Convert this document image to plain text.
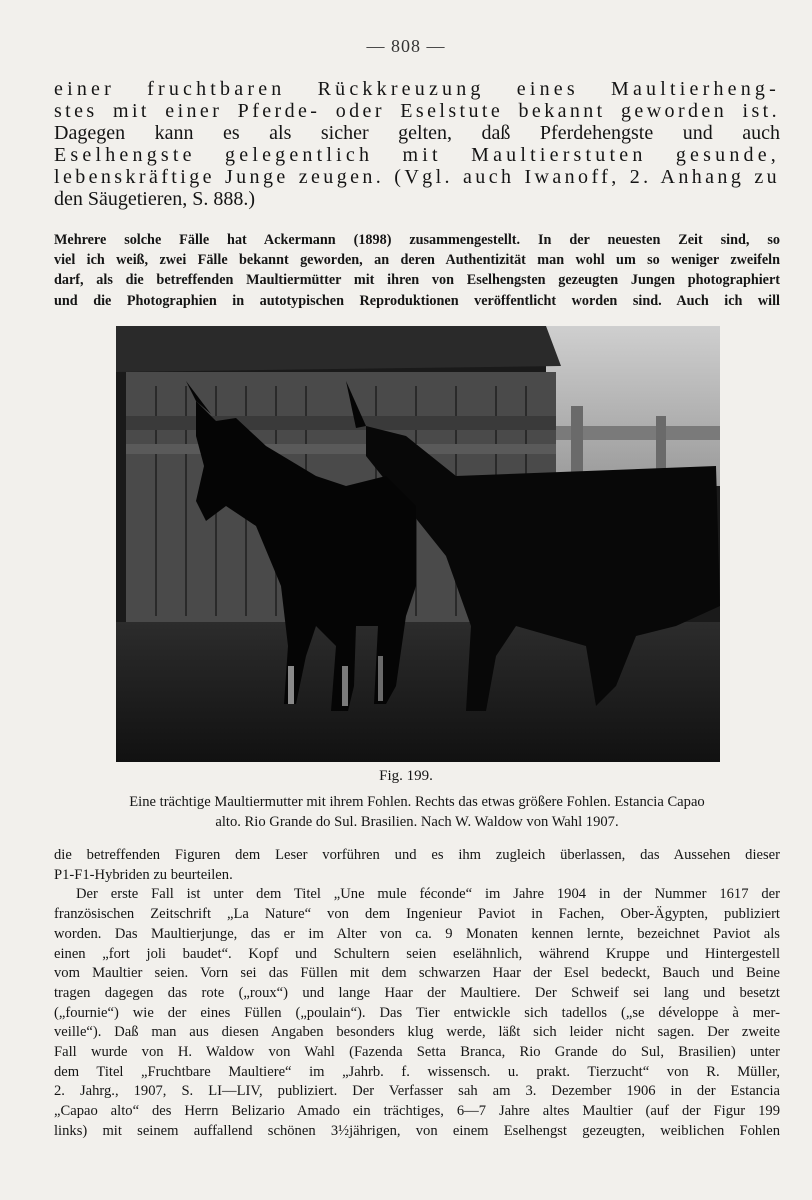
— 808 —
einer fruchtbaren Rückkreuzung eines Maultierheng-
stes mit einer Pferde- oder Eselstute bekannt geworden ist.
Dagegen kann es als sicher gelten, daß Pferdehengste und auch
Eselhengste gelegentlich mit Maultierstuten gesunde,
lebenskräftige Junge zeugen. (Vgl. auch Iwanoff, 2. Anhang zu
den Säugetieren, S. 888.)
Mehrere solche Fälle hat Ackermann (1898) zusammengestellt. In der neuesten Zeit sind, so
viel ich weiß, zwei Fälle bekannt geworden, an deren Authentizität man wohl um so weniger zweifeln
darf, als die betreffenden Maultiermütter mit ihren von Eselhengsten gezeugten Jungen photographiert
und die Photographien in autotypischen Reproduktionen veröffentlicht worden sind. Auch ich will
Fig. 199.
Eine trächtige Maultiermutter mit ihrem Fohlen. Rechts das etwas größere Fohlen. Estancia Capao
alto. Rio Grande do Sul. Brasilien. Nach W. Waldow von Wahl 1907.
die betreffenden Figuren dem Leser vorführen und es ihm zugleich überlassen, das Aussehen dieser
P1-F1-Hybriden zu beurteilen.
Der erste Fall ist unter dem Titel „Une mule féconde“ im Jahre 1904 in der Nummer 1617 der
französischen Zeitschrift „La Nature“ von dem Ingenieur Paviot in Fachen, Ober-Ägypten, publiziert
worden. Das Maultierjunge, das er im Alter von ca. 9 Monaten kennen lernte, bezeichnet Paviot als
einen „fort joli baudet“. Kopf und Schultern seien eselähnlich, während Kruppe und Hintergestell
vom Maultier seien. Vorn sei das Füllen mit dem schwarzen Haar der Esel bedeckt, Bauch und Beine
tragen dagegen das rote („roux“) und lange Haar der Maultiere. Der Schweif sei lang und besetzt
(„fournie“) wie der eines Füllen („poulain“). Das Tier entwickle sich tadellos („se développe à mer-
veille“). Daß man aus diesen Angaben besonders klug werde, läßt sich leider nicht sagen. Der zweite
Fall wurde von H. Waldow von Wahl (Fazenda Setta Branca, Rio Grande do Sul, Brasilien) unter
dem Titel „Fruchtbare Maultiere“ im „Jahrb. f. wissensch. u. prakt. Tierzucht“ von R. Müller,
2. Jahrg., 1907, S. LI—LIV, publiziert. Der Verfasser sah am 3. Dezember 1906 in der Estancia
„Capao alto“ des Herrn Belizario Amado ein trächtiges, 6—7 Jahre altes Maultier (auf der Figur 199
links) mit seinem auffallend schönen 3½jährigen, von einem Eselhengst gezeugten, weiblichen Fohlen
